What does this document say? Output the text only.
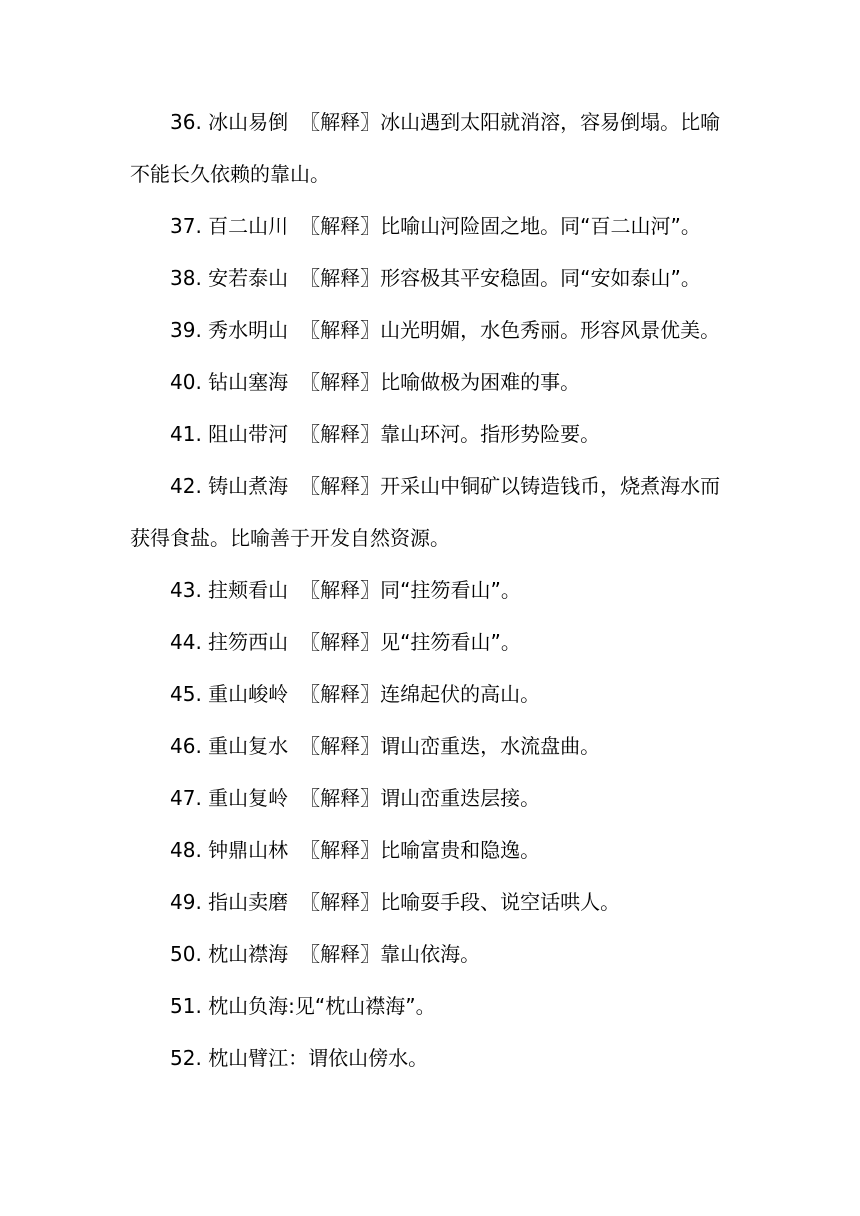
36. 冰山易倒 〖解释〗冰山遇到太阳就消溶，容易倒塌。比喻不能长久依赖的靠山。

37. 百二山川 〖解释〗比喻山河险固之地。同“百二山河”。

38. 安若泰山 〖解释〗形容极其平安稳固。同“安如泰山”。

39. 秀水明山 〖解释〗山光明媚，水色秀丽。形容风景优美。

40. 钻山塞海 〖解释〗比喻做极为困难的事。

41. 阻山带河 〖解释〗靠山环河。指形势险要。

42. 铸山煮海 〖解释〗开采山中铜矿以铸造钱币，烧煮海水而获得食盐。比喻善于开发自然资源。

43. 拄颊看山 〖解释〗同“拄笏看山”。

44. 拄笏西山 〖解释〗见“拄笏看山”。

45. 重山峻岭 〖解释〗连绵起伏的高山。

46. 重山复水 〖解释〗谓山峦重迭，水流盘曲。

47. 重山复岭 〖解释〗谓山峦重迭层接。

48. 钟鼎山林 〖解释〗比喻富贵和隐逸。

49. 指山卖磨 〖解释〗比喻耍手段、说空话哄人。

50. 枕山襟海 〖解释〗靠山依海。

51. 枕山负海:见“枕山襟海”。

52. 枕山臂江：谓依山傍水。
